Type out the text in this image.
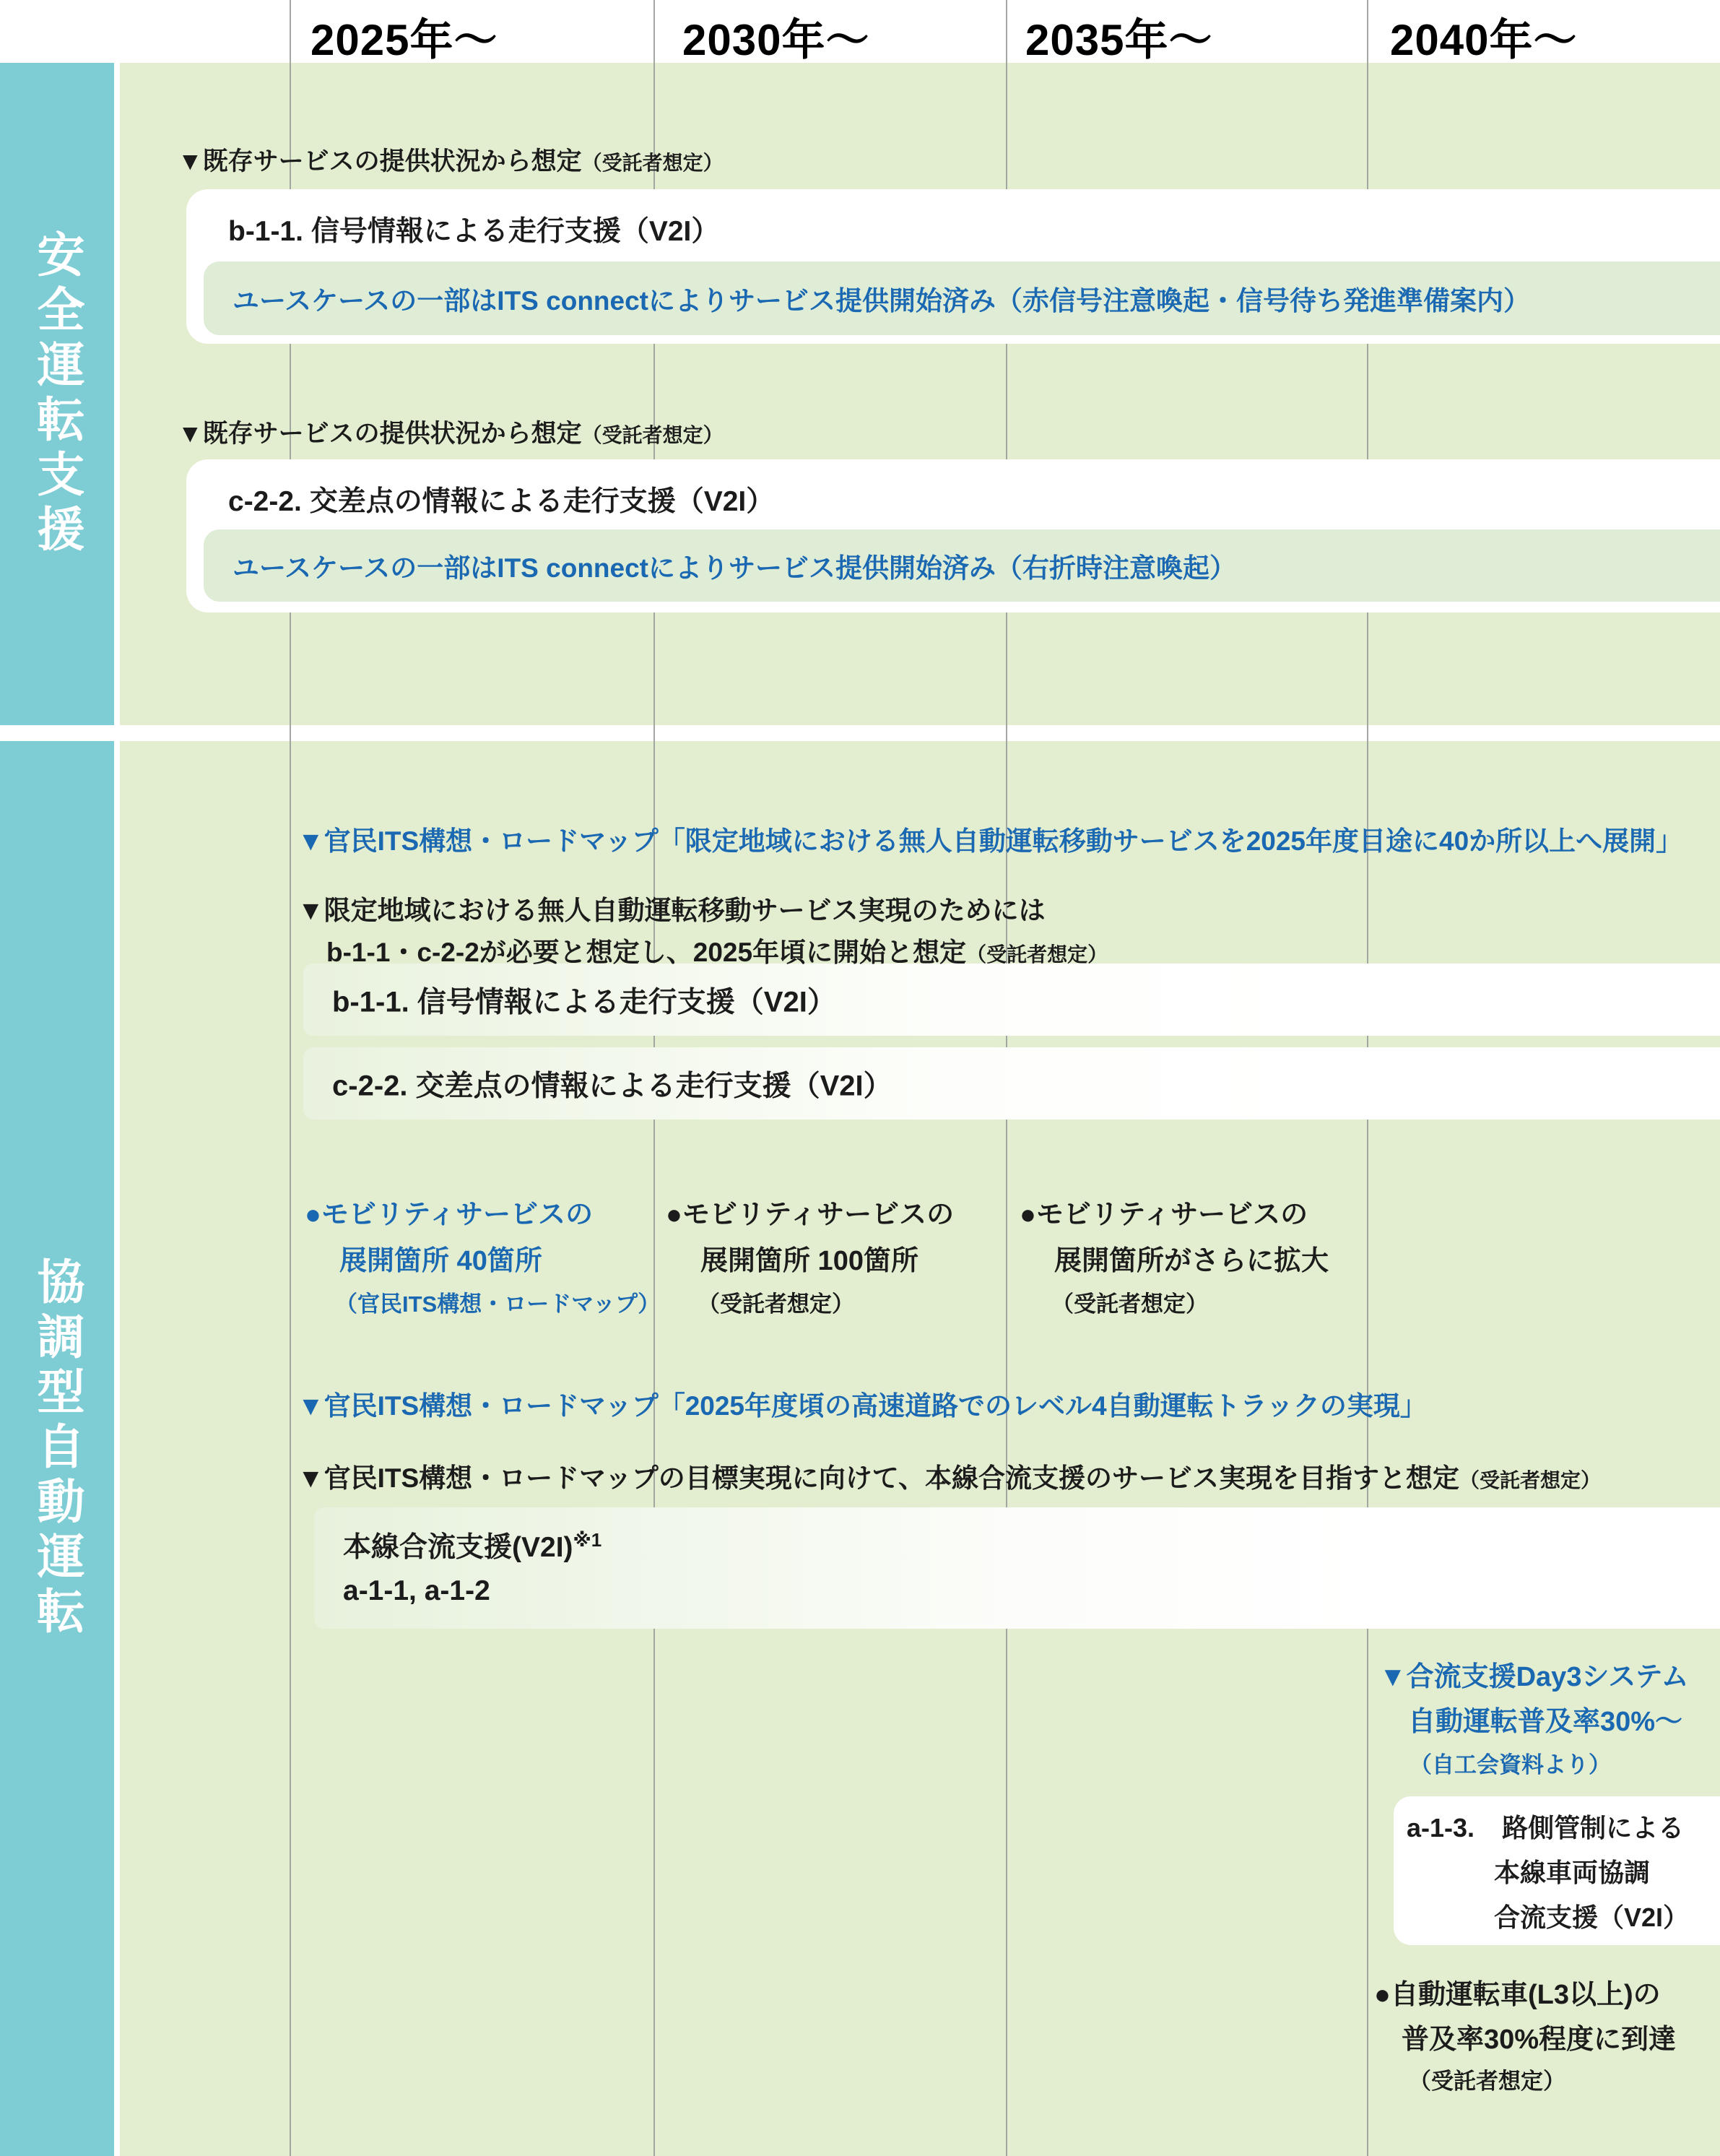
2025年〜	2030年〜	2035年〜	2040年〜
安全運転支援
協調型自動運転
▼既存サービスの提供状況から想定（受託者想定）
b-1-1. 信号情報による走行支援（V2I）
ユースケースの一部はITS connectによりサービス提供開始済み（赤信号注意喚起・信号待ち発進準備案内）
▼既存サービスの提供状況から想定（受託者想定）
c-2-2. 交差点の情報による走行支援（V2I）
ユースケースの一部はITS connectによりサービス提供開始済み（右折時注意喚起）
▼官民ITS構想・ロードマップ「限定地域における無人自動運転移動サービスを2025年度目途に40か所以上へ展開」
▼限定地域における無人自動運転移動サービス実現のためには
b-1-1・c-2-2が必要と想定し、2025年頃に開始と想定（受託者想定）
b-1-1. 信号情報による走行支援（V2I）
c-2-2. 交差点の情報による走行支援（V2I）
●モビリティサービスの
展開箇所 40箇所
（官民ITS構想・ロードマップ）
●モビリティサービスの
展開箇所 100箇所
（受託者想定）
●モビリティサービスの
展開箇所がさらに拡大
（受託者想定）
▼官民ITS構想・ロードマップ「2025年度頃の高速道路でのレベル4自動運転トラックの実現」
▼官民ITS構想・ロードマップの目標実現に向けて、本線合流支援のサービス実現を目指すと想定（受託者想定）
本線合流支援$(V2I)^{※1}$
a-1-1, a-1-2
▼合流支援Day3システム
自動運転普及率30%〜
（自工会資料より）
a-1-3. 路側管制による
本線車両協調
合流支援（V2I）
●自動運転車(L3以上)の
普及率30%程度に到達
（受託者想定）
